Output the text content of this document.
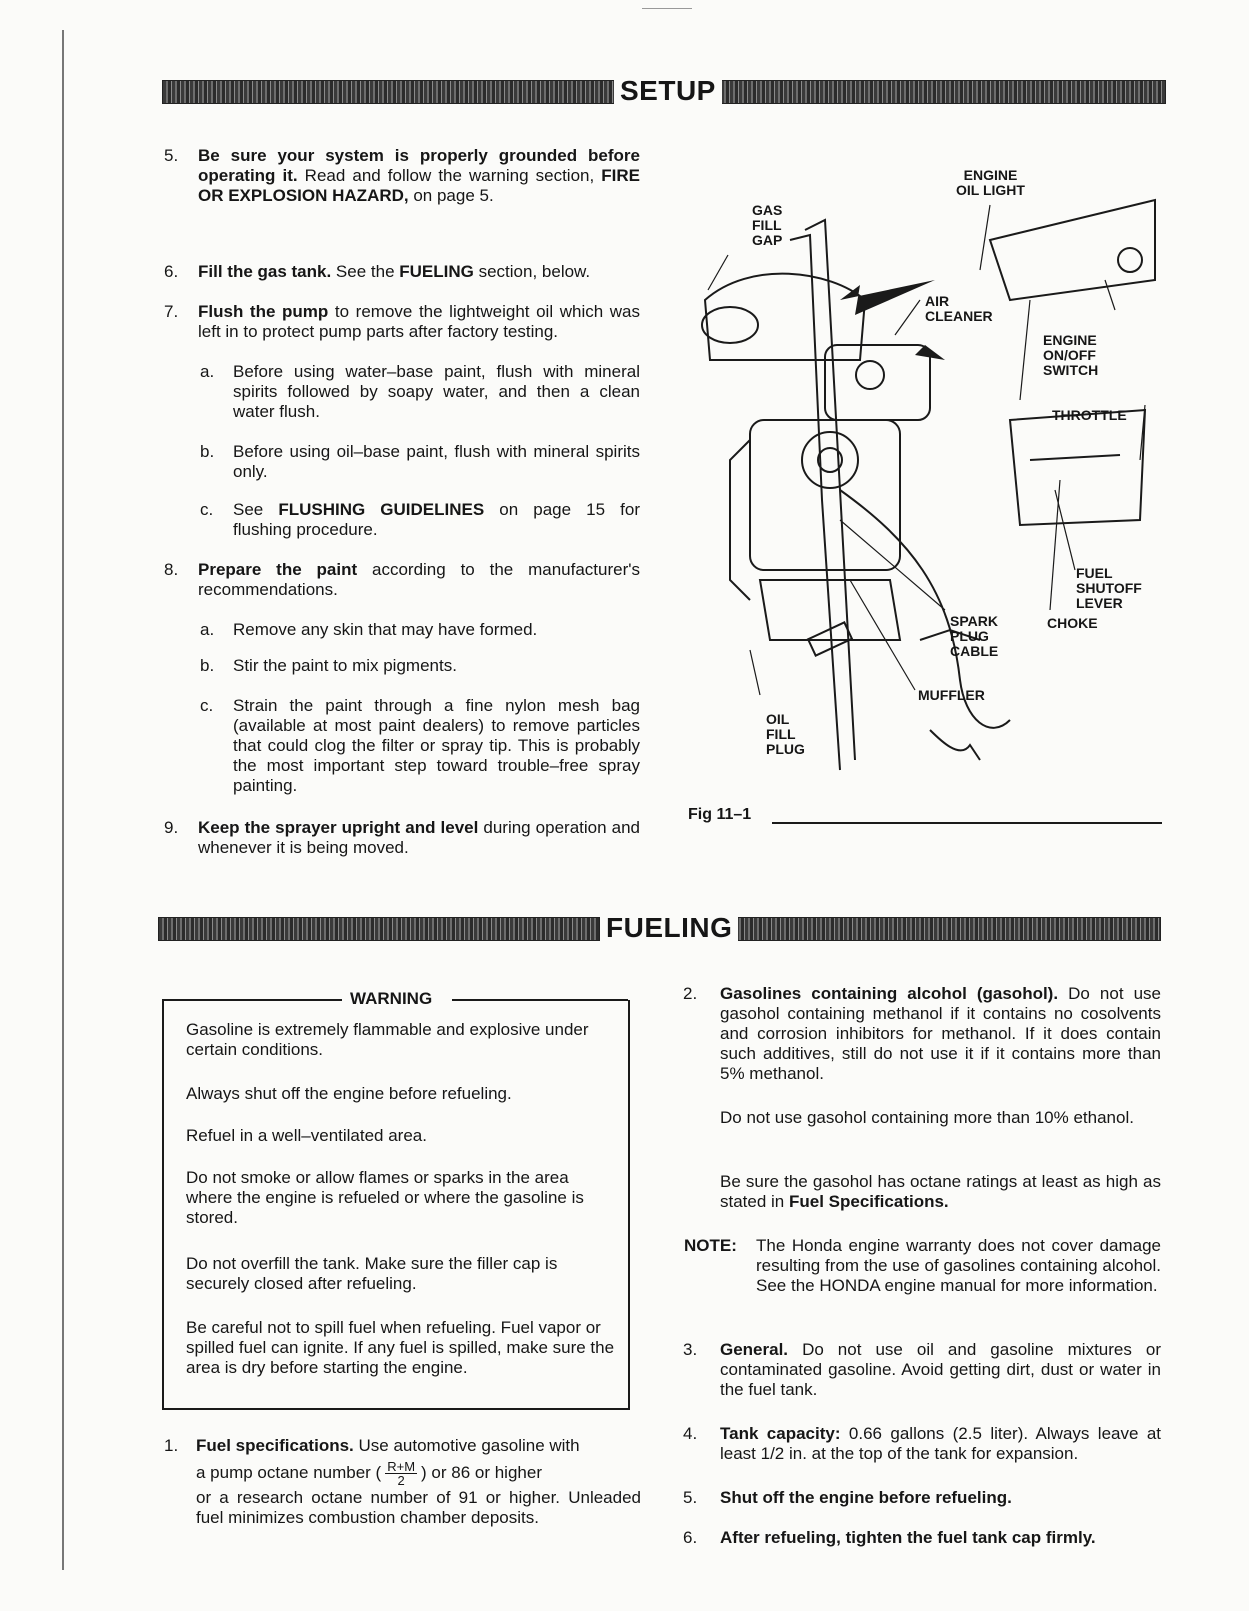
SETUP
5. Be sure your system is properly grounded before operating it. Read and follow the warning section, FIRE OR EXPLOSION HAZARD, on page 5.
6. Fill the gas tank. See the FUELING section, below.
7. Flush the pump to remove the lightweight oil which was left in to protect pump parts after factory testing.
a. Before using water–base paint, flush with mineral spirits followed by soapy water, and then a clean water flush.
b. Before using oil–base paint, flush with mineral spirits only.
c. See FLUSHING GUIDELINES on page 15 for flushing procedure.
8. Prepare the paint according to the manufacturer's recommendations.
a. Remove any skin that may have formed.
b. Stir the paint to mix pigments.
c. Strain the paint through a fine nylon mesh bag (available at most paint dealers) to remove particles that could clog the filter or spray tip. This is probably the most important step toward trouble–free spray painting.
9. Keep the sprayer upright and level during operation and whenever it is being moved.
GAS
FILL
GAP
ENGINE
OIL LIGHT
AIR
CLEANER
ENGINE
ON/OFF
SWITCH
THROTTLE
FUEL
SHUTOFF
LEVER
CHOKE
SPARK
PLUG
CABLE
MUFFLER
OIL
FILL
PLUG
Fig 11–1
FUELING
WARNING

Gasoline is extremely flammable and explosive under certain conditions.

Always shut off the engine before refueling.

Refuel in a well–ventilated area.

Do not smoke or allow flames or sparks in the area where the engine is refueled or where the gasoline is stored.

Do not overfill the tank. Make sure the filler cap is securely closed after refueling.

Be careful not to spill fuel when refueling. Fuel vapor or spilled fuel can ignite. If any fuel is spilled, make sure the area is dry before starting the engine.

1. Fuel specifications. Use automotive gasoline with
a pump octane number ( $\frac{R+M}{2}$ ) or 86 or higher
or a research octane number of 91 or higher. Unleaded fuel minimizes combustion chamber deposits.
2. Gasolines containing alcohol (gasohol). Do not use gasohol containing methanol if it contains no cosolvents and corrosion inhibitors for methanol. If it does contain such additives, still do not use it if it contains more than 5% methanol.
Do not use gasohol containing more than 10% ethanol.
Be sure the gasohol has octane ratings at least as high as stated in Fuel Specifications.
NOTE: The Honda engine warranty does not cover damage resulting from the use of gasolines containing alcohol. See the HONDA engine manual for more information.
3. General. Do not use oil and gasoline mixtures or contaminated gasoline. Avoid getting dirt, dust or water in the fuel tank.
4. Tank capacity: 0.66 gallons (2.5 liter). Always leave at least 1/2 in. at the top of the tank for expansion.
5. Shut off the engine before refueling.
6. After refueling, tighten the fuel tank cap firmly.
